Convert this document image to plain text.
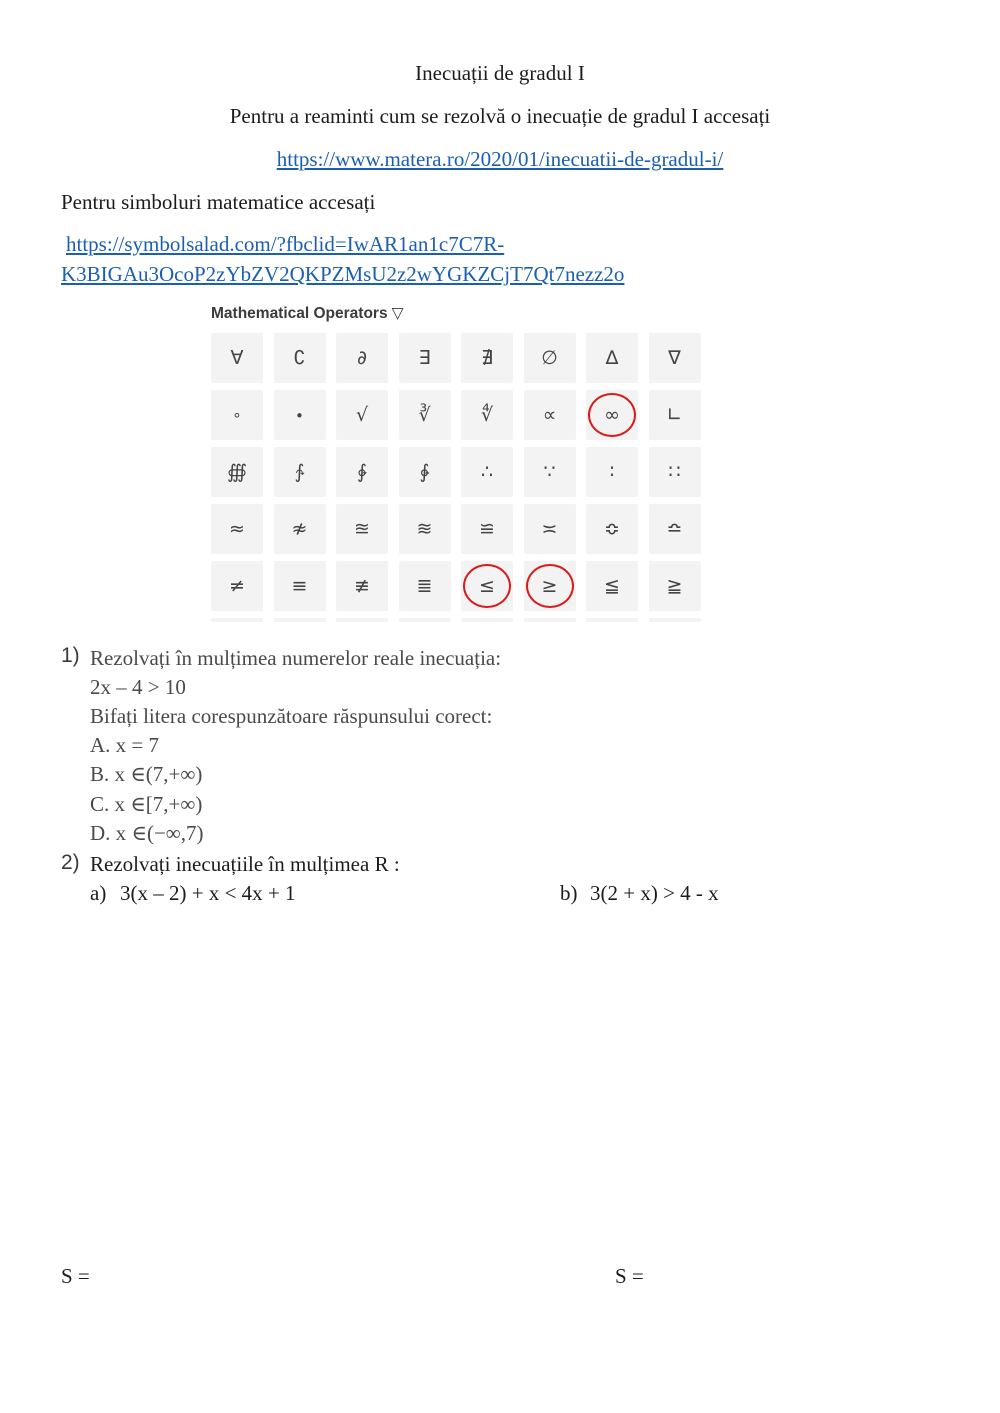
Inecuații de gradul I
Pentru a reaminti cum se rezolvă o inecuație de gradul I accesați
https://www.matera.ro/2020/01/inecuatii-de-gradul-i/
Pentru simboluri matematice accesați
https://symbolsalad.com/?fbclid=IwAR1an1c7C7R-
K3BIGAu3OcoP2zYbZV2QKPZMsU2z2wYGKZCjT7Qt7nezz2o
Mathematical Operators ▽
∀	∁	∂	∃	∄	∅	∆	∇
∘	∙	√	∛	∜	∝	∞	∟
∰	∱	∲	∳	∴	∵	∶	∷
≈	≉	≊	≋	≌	≍	≎	≏
≠	≡	≢	≣	≤	≥	≦	≧
1) Rezolvați în mulțimea numerelor reale inecuația:
2x – 4 > 10
Bifați litera corespunzătoare răspunsului corect:
A. x = 7
B. x ∈(7,+∞)
C. x ∈[7,+∞)
D. x ∈(−∞,7)
2) Rezolvați inecuațiile în mulțimea R :
a) 3(x – 2) + x < 4x + 1	b) 3(2 + x) > 4 - x
S =	S =
